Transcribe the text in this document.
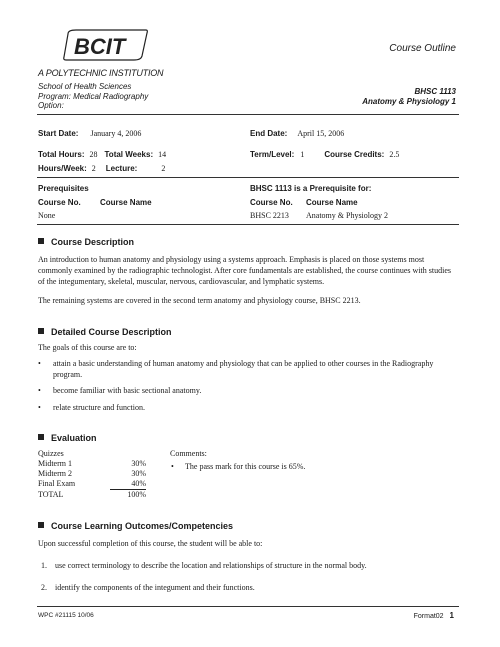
BCIT
A POLYTECHNIC INSTITUTION
Course Outline
School of Health Sciences
Program: Medical Radiography
Option:
BHSC 1113
Anatomy & Physiology 1
Start Date: January 4, 2006	End Date: April 15, 2006
Total Hours: 28 Total Weeks: 14	Term/Level: 1	Course Credits: 2.5
Hours/Week: 2 Lecture:	2
Prerequisites	BHSC 1113 is a Prerequisite for:
Course No. Course Name	Course No. Course Name
None	BHSC 2213 Anatomy & Physiology 2
Course Description
An introduction to human anatomy and physiology using a systems approach. Emphasis is placed on those systems most commonly examined by the radiographic technologist. After core fundamentals are established, the course continues with studies of the integumentary, skeletal, muscular, nervous, cardiovascular, and lymphatic systems.
The remaining systems are covered in the second term anatomy and physiology course, BHSC 2213.
Detailed Course Description
The goals of this course are to:
• attain a basic understanding of human anatomy and physiology that can be applied to other courses in the Radiography program.
• become familiar with basic sectional anatomy.
• relate structure and function.
Evaluation
Quizzes	
Midterm 1	30%
Midterm 2	30%
Final Exam	40%
TOTAL	100%
Comments:
• The pass mark for this course is 65%.
Course Learning Outcomes/Competencies
Upon successful completion of this course, the student will be able to:
1. use correct terminology to describe the location and relationships of structure in the normal body.
2. identify the components of the integument and their functions.
WPC #21115 10/06	Format02 1
